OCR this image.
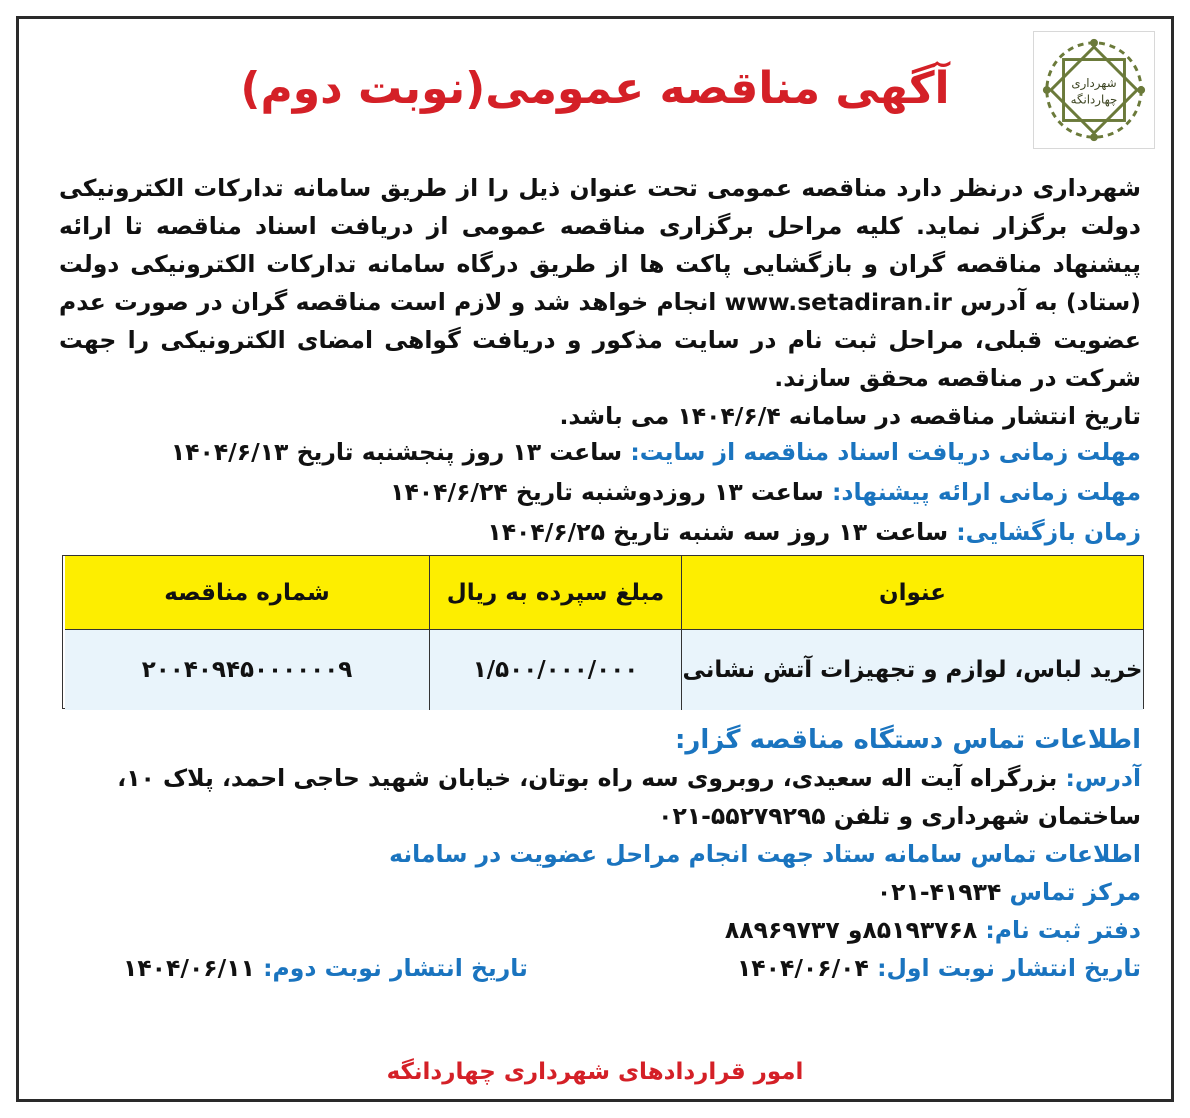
شهرداری
چهاردانگه
آگهی مناقصه عمومی(نوبت دوم)

شهرداری درنظر دارد مناقصه عمومی تحت عنوان ذیل را از طریق سامانه تدارکات الکترونیکی دولت برگزار نماید. کلیه مراحل برگزاری مناقصه عمومی از دریافت اسناد مناقصه تا ارائه پیشنهاد مناقصه گران و بازگشایی پاکت ها از طریق درگاه سامانه تدارکات الکترونیکی دولت (ستاد) به آدرس www.setadiran.ir انجام خواهد شد و لازم است مناقصه گران در صورت عدم عضویت قبلی، مراحل ثبت نام در سایت مذکور و دریافت گواهی امضای الکترونیکی را جهت شرکت در مناقصه محقق سازند.

تاریخ انتشار مناقصه در سامانه ۱۴۰۴/۶/۴ می باشد.

مهلت زمانی دریافت اسناد مناقصه از سایت: ساعت ۱۳ روز پنجشنبه تاریخ ۱۴۰۴/۶/۱۳
مهلت زمانی ارائه پیشنهاد: ساعت ۱۳ روزدوشنبه تاریخ ۱۴۰۴/۶/۲۴
زمان بازگشایی: ساعت ۱۳ روز سه شنبه تاریخ ۱۴۰۴/۶/۲۵
عنوان
مبلغ سپرده به ریال
شماره مناقصه
خرید لباس، لوازم و تجهیزات آتش نشانی
۱/۵۰۰/۰۰۰/۰۰۰
۲۰۰۴۰۹۴۵۰۰۰۰۰۰۹

اطلاعات تماس دستگاه مناقصه گزار:

آدرس: بزرگراه آیت اله سعیدی، روبروی سه راه بوتان، خیابان شهید حاجی احمد، پلاک ۱۰، ساختمان شهرداری و تلفن ۵۵۲۷۹۲۹۵-۰۲۱

اطلاعات تماس سامانه ستاد جهت انجام مراحل عضویت در سامانه

مرکز تماس ۴۱۹۳۴-۰۲۱

دفتر ثبت نام: ۸۵۱۹۳۷۶۸و ۸۸۹۶۹۷۳۷

تاریخ انتشار نوبت اول: ۱۴۰۴/۰۶/۰۴
تاریخ انتشار نوبت دوم: ۱۴۰۴/۰۶/۱۱
امور قراردادهای شهرداری چهاردانگه
